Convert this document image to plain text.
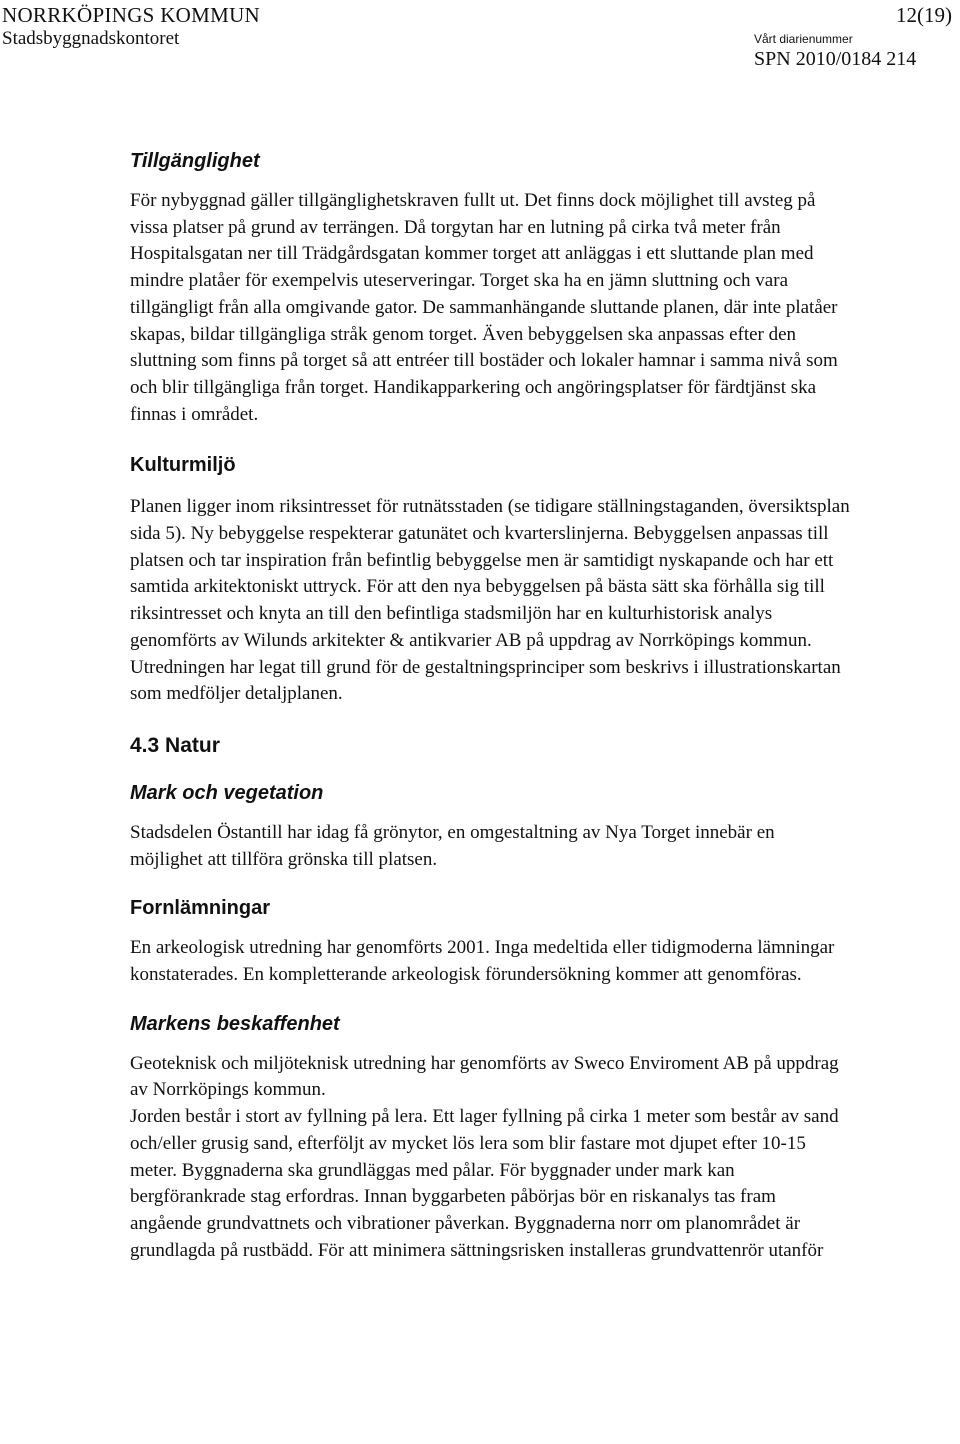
NORRKÖPINGS KOMMUN	12(19)
Stadsbyggnadskontoret	Vårt diarienummer
SPN 2010/0184 214
Tillgänglighet

För nybyggnad gäller tillgänglighetskraven fullt ut. Det finns dock möjlighet till avsteg på vissa platser på grund av terrängen. Då torgytan har en lutning på cirka två meter från Hospitalsgatan ner till Trädgårdsgatan kommer torget att anläggas i ett sluttande plan med mindre platåer för exempelvis uteserveringar. Torget ska ha en jämn sluttning och vara tillgängligt från alla omgivande gator. De sammanhängande sluttande planen, där inte platåer skapas, bildar tillgängliga stråk genom torget. Även bebyggelsen ska anpassas efter den sluttning som finns på torget så att entréer till bostäder och lokaler hamnar i samma nivå som och blir tillgängliga från torget. Handikapparkering och angöringsplatser för färdtjänst ska finnas i området.

Kulturmiljö

Planen ligger inom riksintresset för rutnätsstaden (se tidigare ställningstaganden, översiktsplan sida 5). Ny bebyggelse respekterar gatunätet och kvarterslinjerna. Bebyggelsen anpassas till platsen och tar inspiration från befintlig bebyggelse men är samtidigt nyskapande och har ett samtida arkitektoniskt uttryck. För att den nya bebyggelsen på bästa sätt ska förhålla sig till riksintresset och knyta an till den befintliga stadsmiljön har en kulturhistorisk analys genomförts av Wilunds arkitekter & antikvarier AB på uppdrag av Norrköpings kommun. Utredningen har legat till grund för de gestaltningsprinciper som beskrivs i illustrationskartan som medföljer detaljplanen.

4.3 Natur
Mark och vegetation

Stadsdelen Östantill har idag få grönytor, en omgestaltning av Nya Torget innebär en möjlighet att tillföra grönska till platsen.

Fornlämningar

En arkeologisk utredning har genomförts 2001. Inga medeltida eller tidigmoderna lämningar konstaterades. En kompletterande arkeologisk förundersökning kommer att genomföras.

Markens beskaffenhet

Geoteknisk och miljöteknisk utredning har genomförts av Sweco Enviroment AB på uppdrag av Norrköpings kommun.

Jorden består i stort av fyllning på lera. Ett lager fyllning på cirka 1 meter som består av sand och/eller grusig sand, efterföljt av mycket lös lera som blir fastare mot djupet efter 10-15 meter. Byggnaderna ska grundläggas med pålar. För byggnader under mark kan bergförankrade stag erfordras. Innan byggarbeten påbörjas bör en riskanalys tas fram angående grundvattnets och vibrationer påverkan. Byggnaderna norr om planområdet är grundlagda på rustbädd. För att minimera sättningsrisken installeras grundvattenrör utanför
